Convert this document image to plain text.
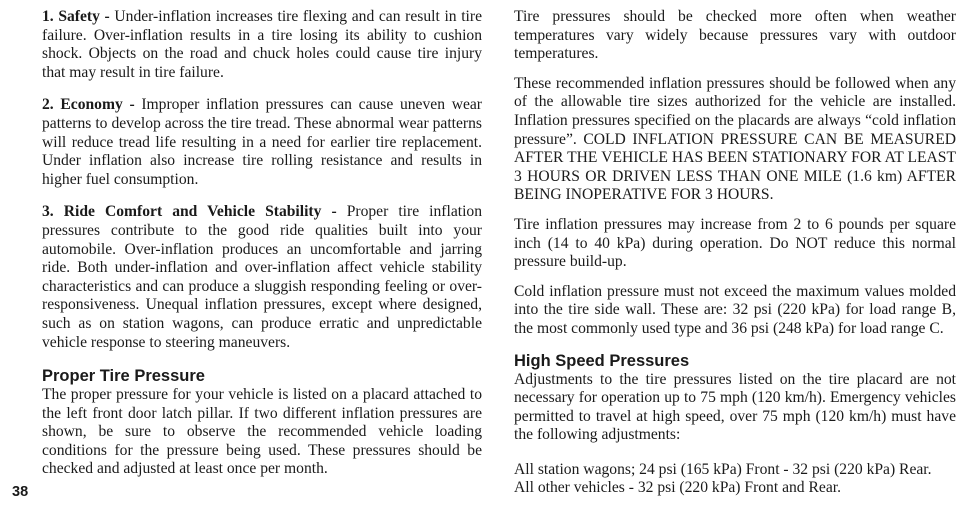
1. Safety - Under-inflation increases tire flexing and can result in tire failure. Over-inflation results in a tire losing its ability to cushion shock. Objects on the road and chuck holes could cause tire injury that may result in tire failure.

2. Economy - Improper inflation pressures can cause uneven wear patterns to develop across the tire tread. These abnormal wear patterns will reduce tread life resulting in a need for earlier tire replacement. Under inflation also increase tire rolling resistance and results in higher fuel consumption.

3. Ride Comfort and Vehicle Stability - Proper tire inflation pressures contribute to the good ride qualities built into your automobile. Over-inflation produces an uncomfortable and jarring ride. Both under-inflation and over-inflation affect vehicle stability characteristics and can produce a sluggish responding feeling or over-responsiveness. Unequal inflation pressures, except where designed, such as on station wagons, can produce erratic and unpredictable vehicle response to steering maneuvers.

Proper Tire Pressure

The proper pressure for your vehicle is listed on a placard attached to the left front door latch pillar. If two different inflation pressures are shown, be sure to observe the recommended vehicle loading conditions for the pressure being used. These pressures should be checked and adjusted at least once per month.

Tire pressures should be checked more often when weather temperatures vary widely because pressures vary with outdoor temperatures.

These recommended inflation pressures should be followed when any of the allowable tire sizes authorized for the vehicle are installed. Inflation pressures specified on the placards are always “cold inflation pressure”. COLD INFLATION PRESSURE CAN BE MEASURED AFTER THE VEHICLE HAS BEEN STATIONARY FOR AT LEAST 3 HOURS OR DRIVEN LESS THAN ONE MILE (1.6 km) AFTER BEING INOPERATIVE FOR 3 HOURS.

Tire inflation pressures may increase from 2 to 6 pounds per square inch (14 to 40 kPa) during operation. Do NOT reduce this normal pressure build-up.

Cold inflation pressure must not exceed the maximum values molded into the tire side wall. These are: 32 psi (220 kPa) for load range B, the most commonly used type and 36 psi (248 kPa) for load range C.

High Speed Pressures

Adjustments to the tire pressures listed on the tire placard are not necessary for operation up to 75 mph (120 km/h). Emergency vehicles permitted to travel at high speed, over 75 mph (120 km/h) must have the following adjustments:

All station wagons; 24 psi (165 kPa) Front - 32 psi (220 kPa) Rear.

All other vehicles - 32 psi (220 kPa) Front and Rear.

38
